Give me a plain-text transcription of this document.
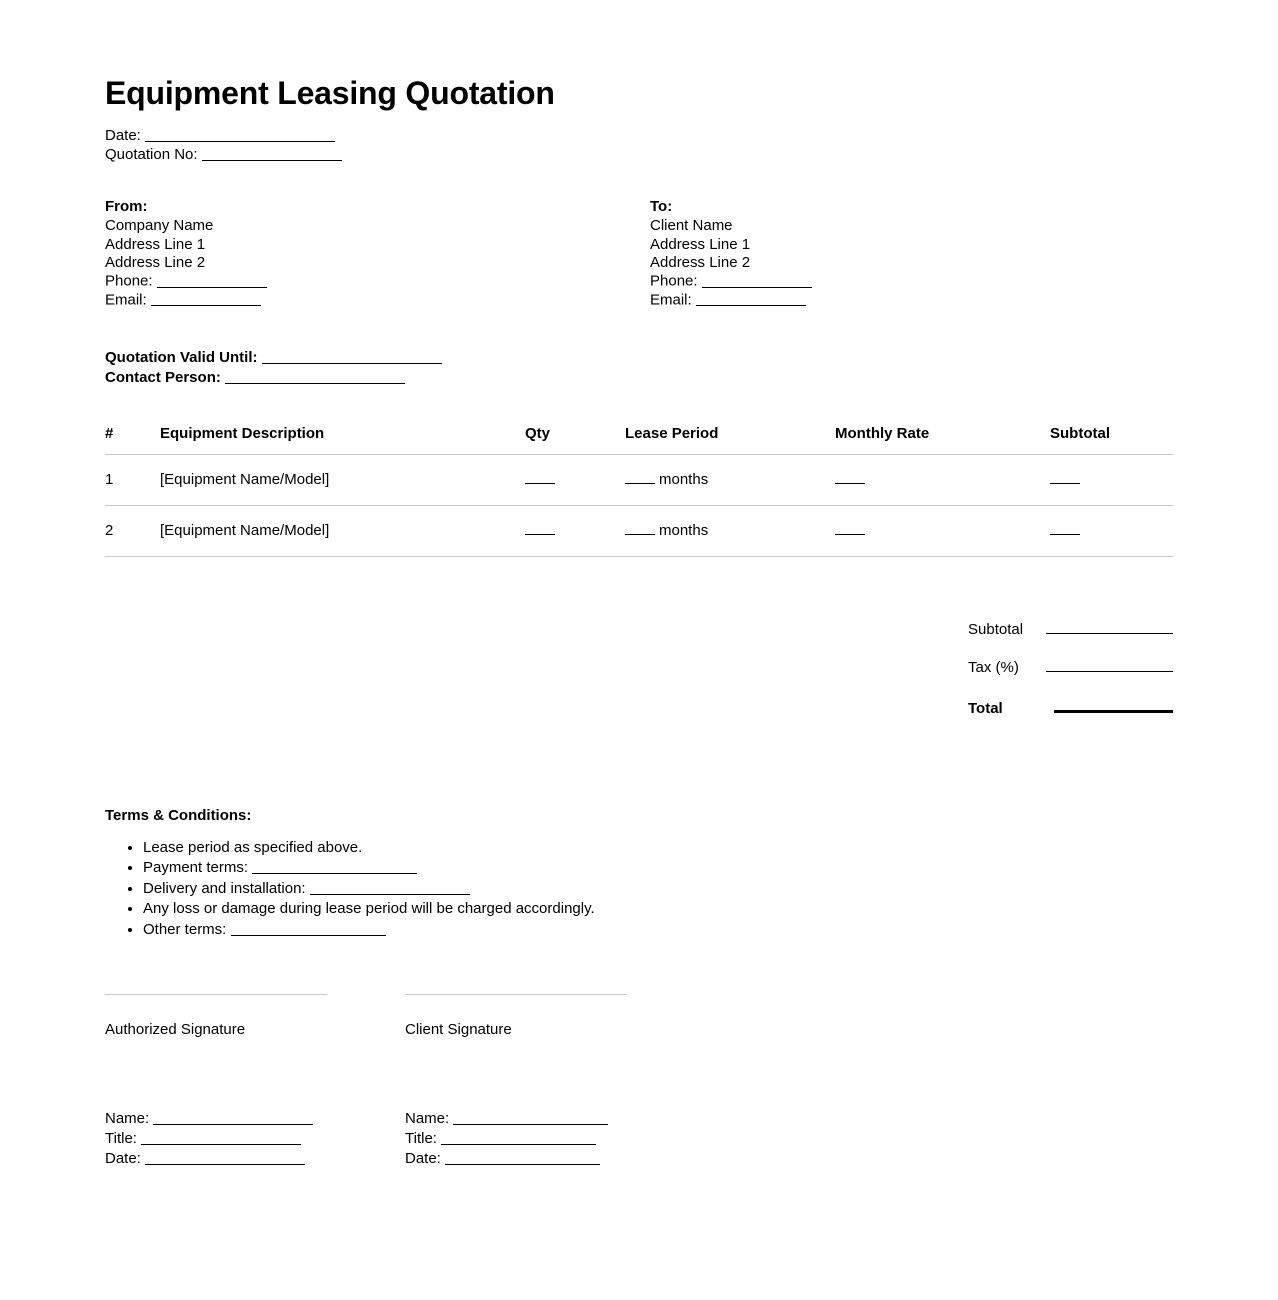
Equipment Leasing Quotation
Date:
Quotation No:
From:
Company Name
Address Line 1
Address Line 2
Phone:
Email:
To:
Client Name
Address Line 1
Address Line 2
Phone:
Email:
Quotation Valid Until:
Contact Person:
#	Equipment Description	Qty	Lease Period	Monthly Rate	Subtotal
1	[Equipment Name/Model]		months		
2	[Equipment Name/Model]		months		
Subtotal
Tax (%)
Total
Terms & Conditions:
• Lease period as specified above.
• Payment terms:
• Delivery and installation:
• Any loss or damage during lease period will be charged accordingly.
• Other terms:
Authorized Signature	Client Signature
Name:
Title:
Date:
Name:
Title:
Date:
